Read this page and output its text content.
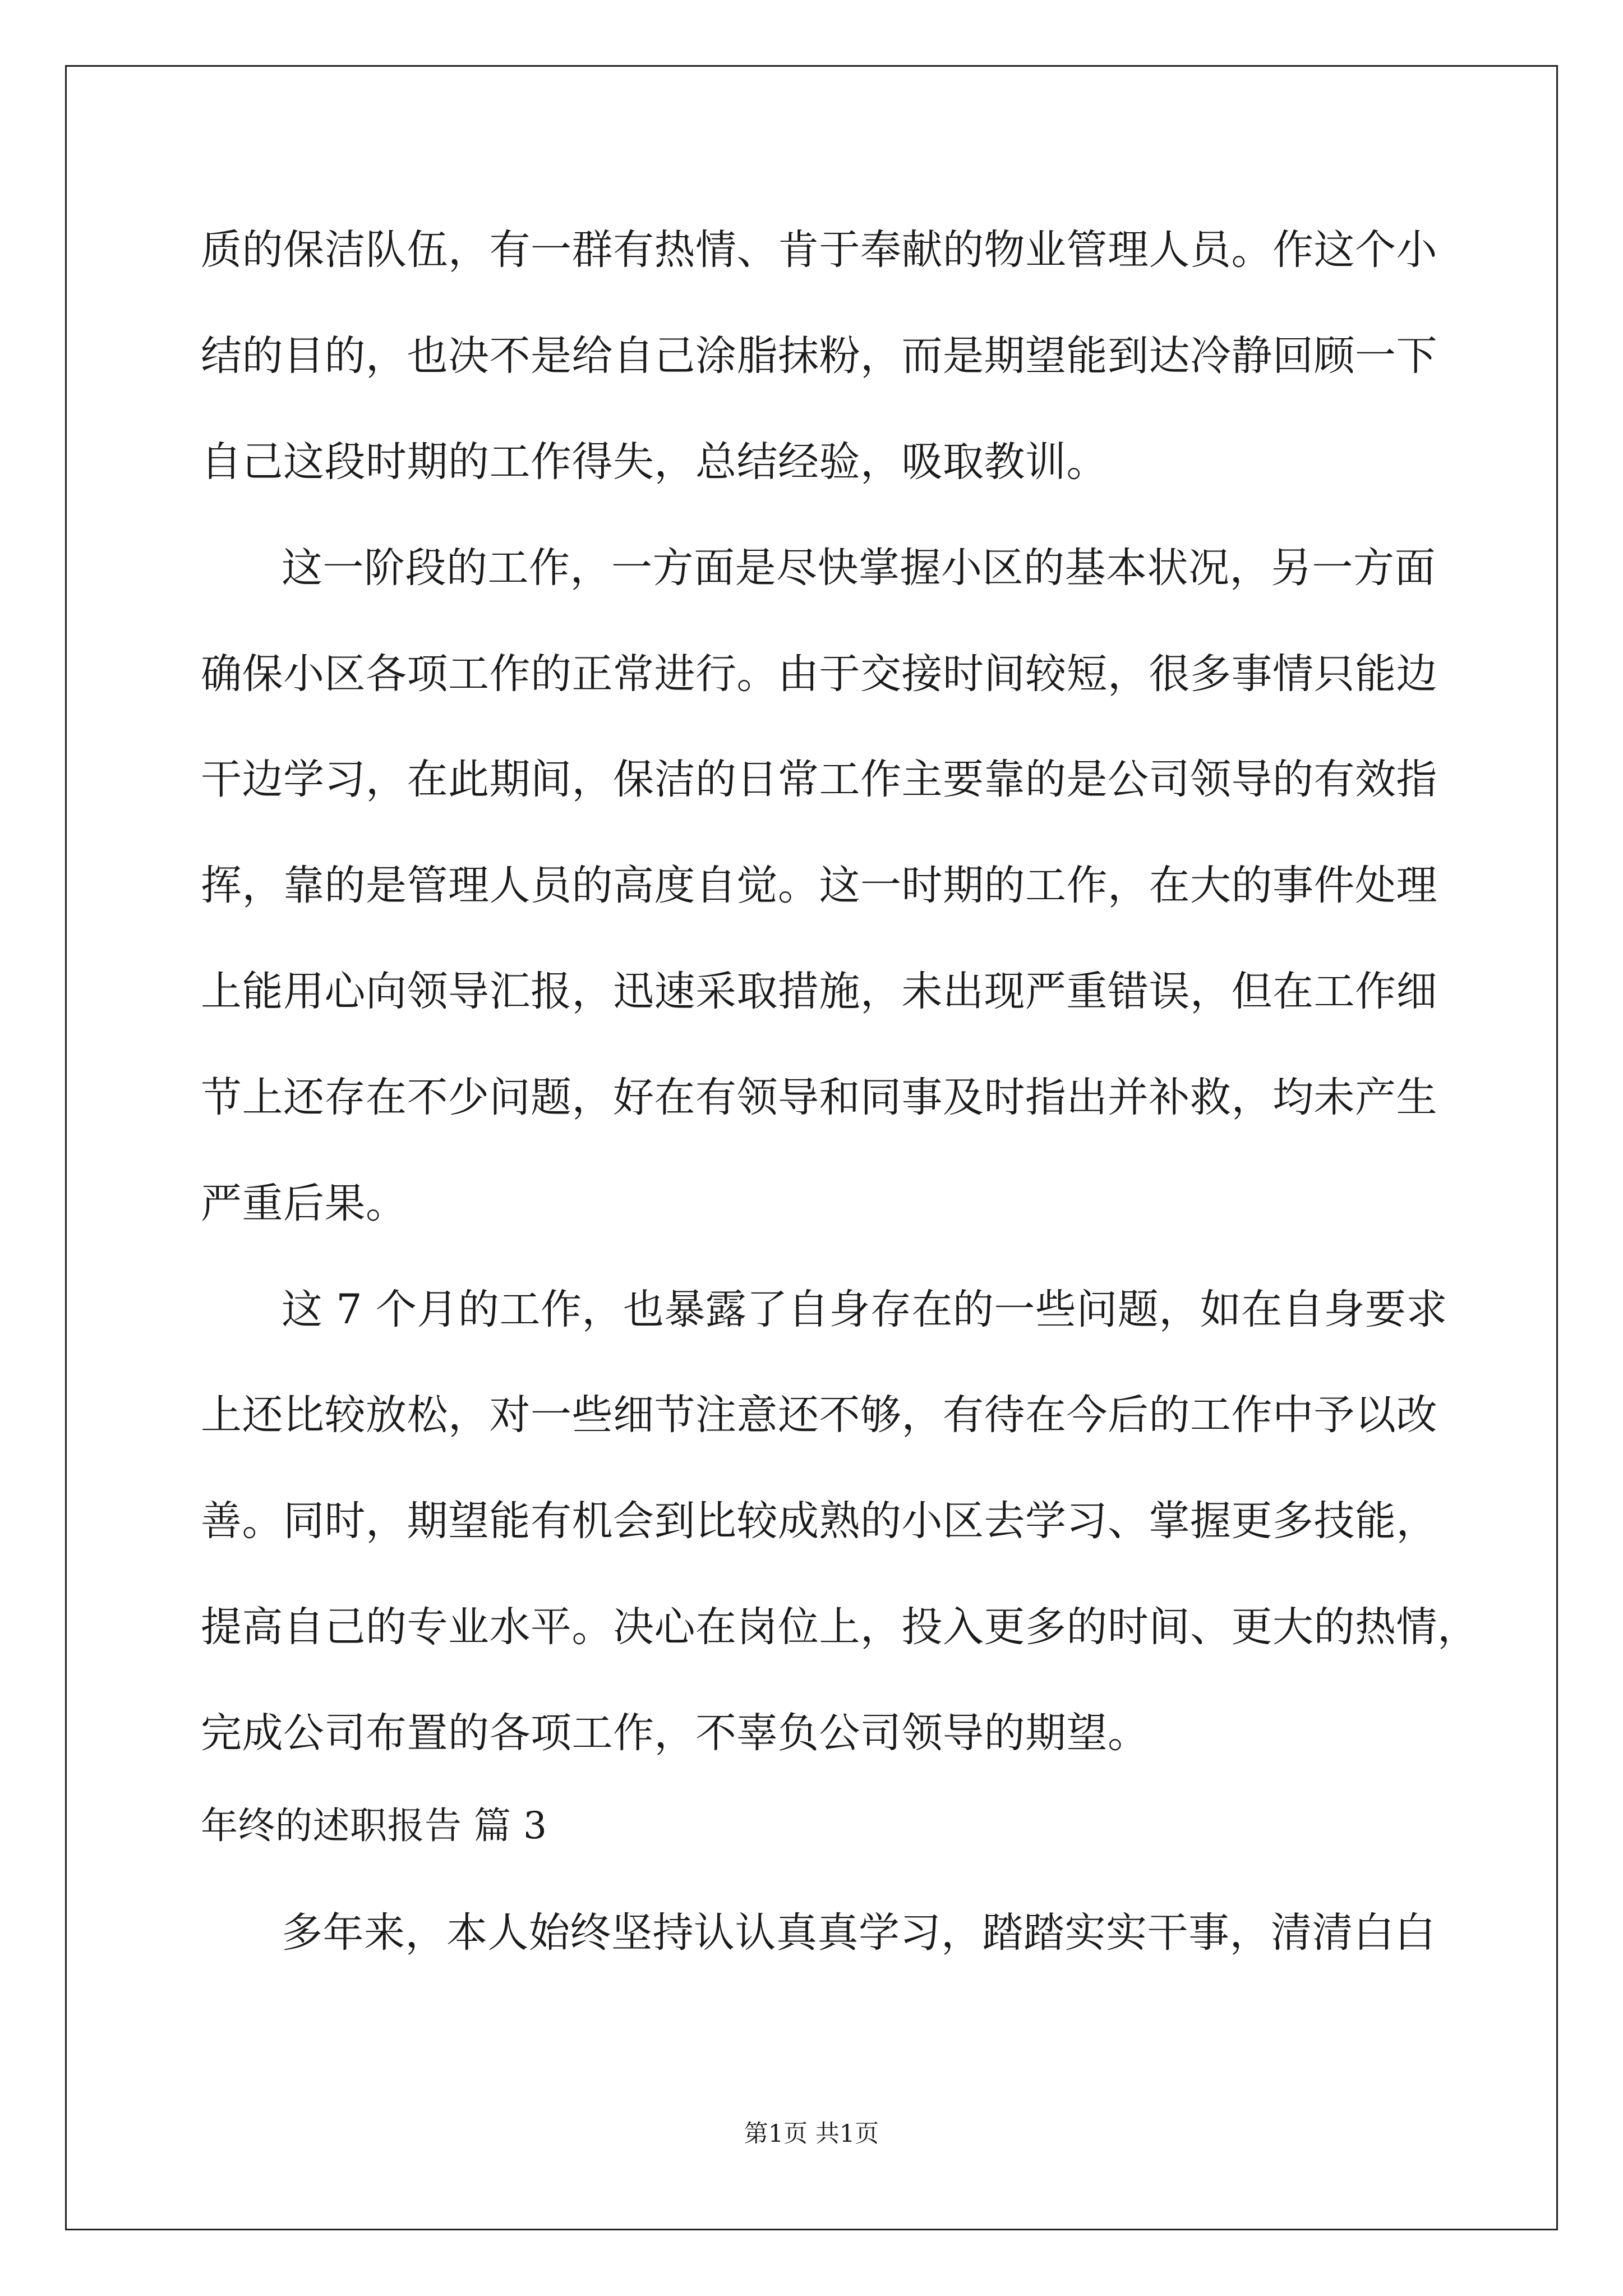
质的保洁队伍，有一群有热情、肯于奉献的物业管理人员。作这个小

结的目的，也决不是给自己涂脂抹粉，而是期望能到达冷静回顾一下

自己这段时期的工作得失，总结经验，吸取教训。

这一阶段的工作，一方面是尽快掌握小区的基本状况，另一方面

确保小区各项工作的正常进行。由于交接时间较短，很多事情只能边

干边学习，在此期间，保洁的日常工作主要靠的是公司领导的有效指

挥，靠的是管理人员的高度自觉。这一时期的工作，在大的事件处理

上能用心向领导汇报，迅速采取措施，未出现严重错误，但在工作细

节上还存在不少问题，好在有领导和同事及时指出并补救，均未产生

严重后果。

这 7 个月的工作，也暴露了自身存在的一些问题，如在自身要求

上还比较放松，对一些细节注意还不够，有待在今后的工作中予以改

善。同时，期望能有机会到比较成熟的小区去学习、掌握更多技能，

提高自己的专业水平。决心在岗位上，投入更多的时间、更大的热情，

完成公司布置的各项工作，不辜负公司领导的期望。

年终的述职报告 篇 3

多年来，本人始终坚持认认真真学习，踏踏实实干事，清清白白

第1页 共1页
